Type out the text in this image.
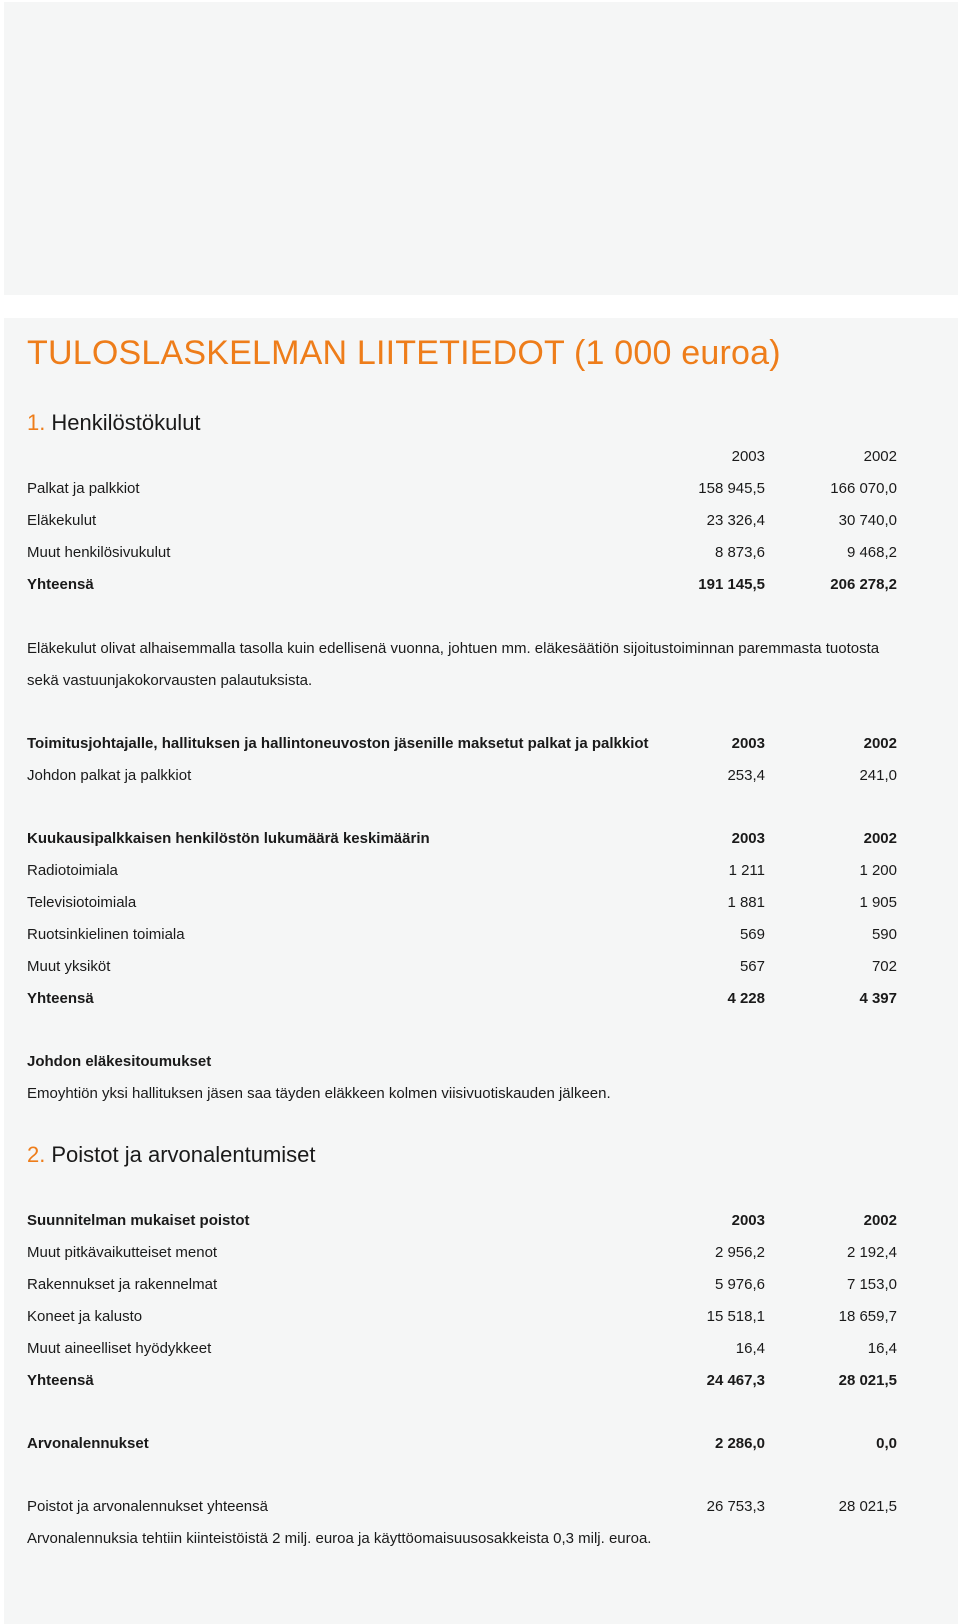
TULOSLASKELMAN LIITETIEDOT (1 000 euroa)
1. Henkilöstökulut
2003	2002
Palkat ja palkkiot	158 945,5	166 070,0
Eläkekulut	23 326,4	30 740,0
Muut henkilösivukulut	8 873,6	9 468,2
Yhteensä	191 145,5	206 278,2
Eläkekulut olivat alhaisemmalla tasolla kuin edellisenä vuonna, johtuen mm. eläkesäätiön sijoitustoiminnan paremmasta tuotosta
sekä vastuunjakokorvausten palautuksista.
Toimitusjohtajalle, hallituksen ja hallintoneuvoston jäsenille maksetut palkat ja palkkiot	2003	2002
Johdon palkat ja palkkiot	253,4	241,0
Kuukausipalkkaisen henkilöstön lukumäärä keskimäärin	2003	2002
Radiotoimiala	1 211	1 200
Televisiotoimiala	1 881	1 905
Ruotsinkielinen toimiala	569	590
Muut yksiköt	567	702
Yhteensä	4 228	4 397
Johdon eläkesitoumukset
Emoyhtiön yksi hallituksen jäsen saa täyden eläkkeen kolmen viisivuotiskauden jälkeen.
2. Poistot ja arvonalentumiset
Suunnitelman mukaiset poistot	2003	2002
Muut pitkävaikutteiset menot	2 956,2	2 192,4
Rakennukset ja rakennelmat	5 976,6	7 153,0
Koneet ja kalusto	15 518,1	18 659,7
Muut aineelliset hyödykkeet	16,4	16,4
Yhteensä	24 467,3	28 021,5
Arvonalennukset	2 286,0	0,0
Poistot ja arvonalennukset yhteensä	26 753,3	28 021,5
Arvonalennuksia tehtiin kiinteistöistä 2 milj. euroa ja käyttöomaisuusosakkeista 0,3 milj. euroa.
